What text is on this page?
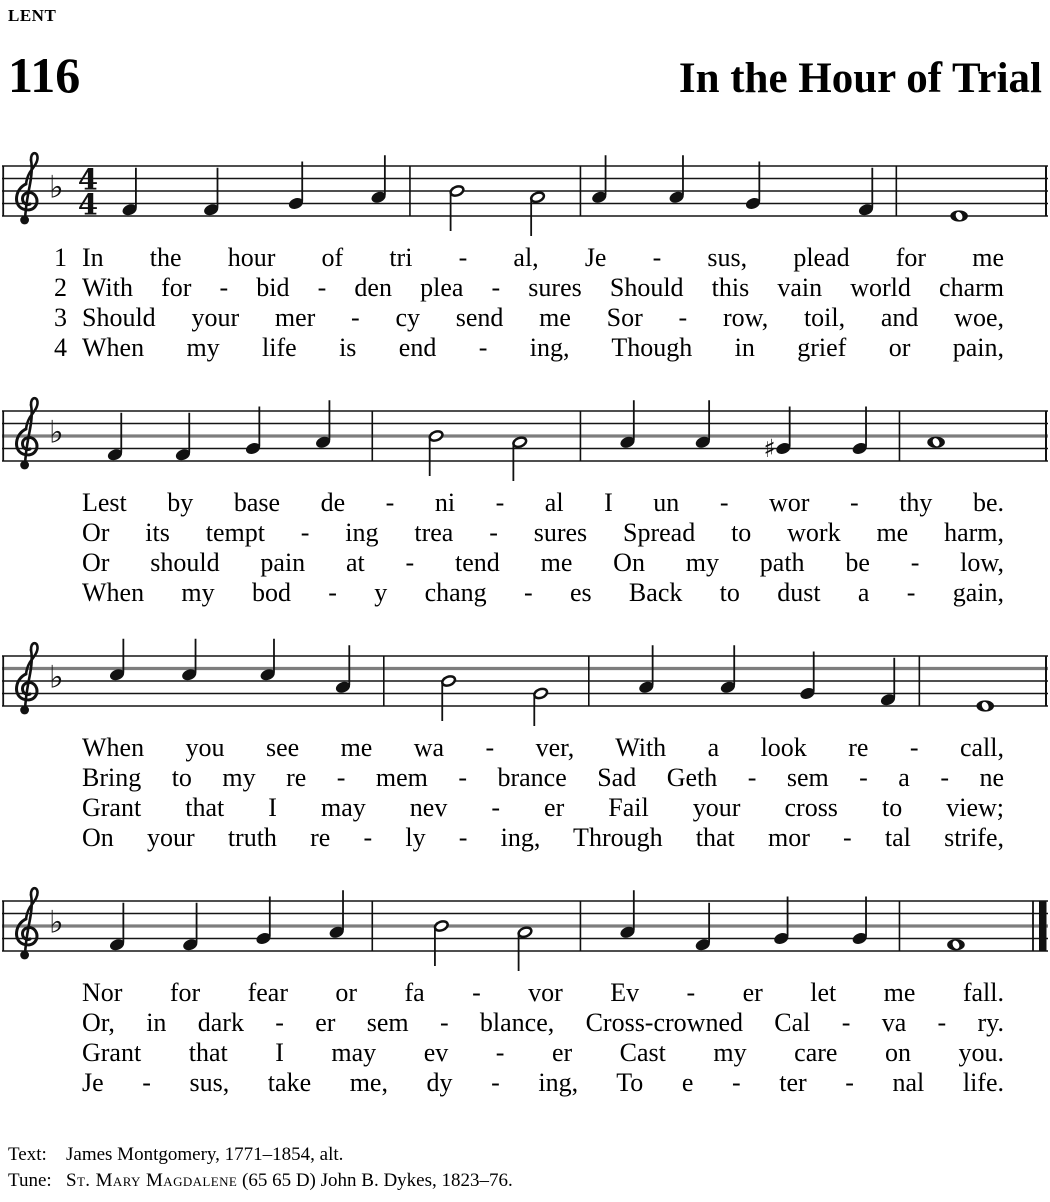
LENT
116	In the Hour of Trial
♭ 4
4
1 In the hour of tri - al, Je - sus, plead for me
2 With for - bid - den plea - sures Should this vain world charm
3 Should your mer - cy send me Sor - row, toil, and woe,
4 When my life is end - ing, Though in grief or pain,
♭	♯
Lest by base de - ni - al I un - wor - thy be.
Or its tempt - ing trea - sures Spread to work me harm,
Or should pain at - tend me On my path be - low,
When my bod - y chang - es Back to dust a - gain,
♭
When you see me wa - ver, With a look re - call,
Bring to my re - mem - brance Sad Geth - sem - a - ne
Grant that I may nev - er Fail your cross to view;
On your truth re - ly - ing, Through that mor - tal strife,
♭
Nor for fear or fa - vor Ev - er let me fall.
Or, in dark - er sem - blance, Cross-crowned Cal - va - ry.
Grant that I may ev - er Cast my care on you.
Je - sus, take me, dy - ing, To e - ter - nal life.
Text: James Montgomery, 1771–1854, alt.
Tune: St. Mary Magdalene (65 65 D) John B. Dykes, 1823–76.
